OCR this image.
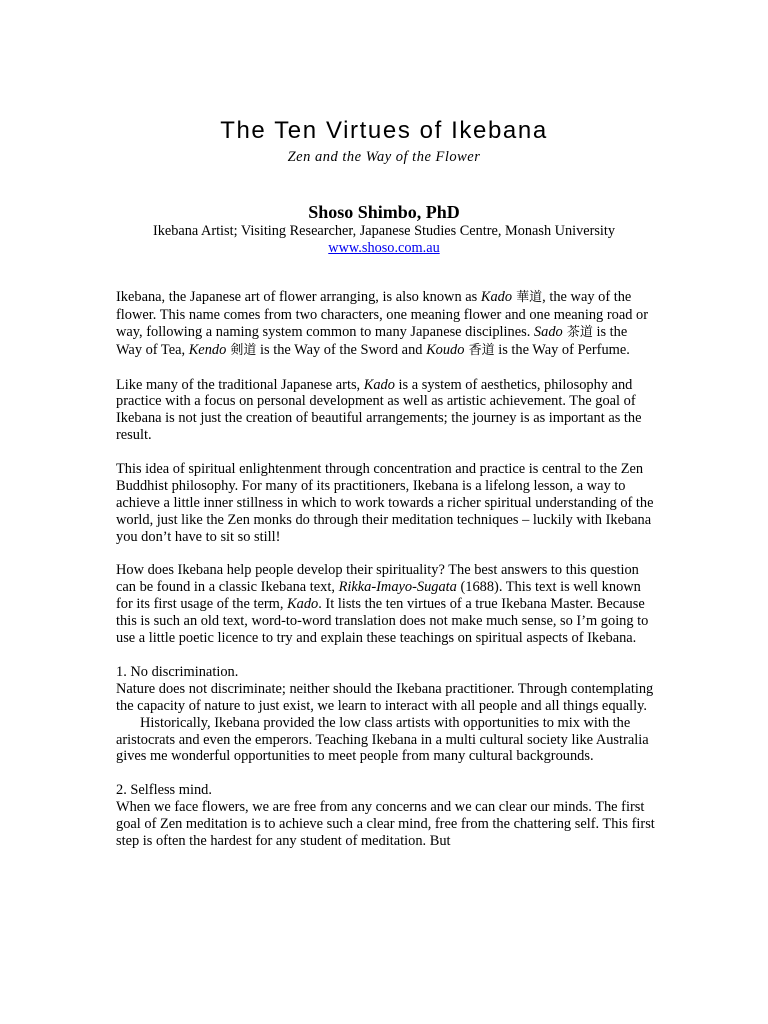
The Ten Virtues of Ikebana
Zen and the Way of the Flower
Shoso Shimbo, PhD
Ikebana Artist; Visiting Researcher, Japanese Studies Centre, Monash University
www.shoso.com.au

Ikebana, the Japanese art of flower arranging, is also known as Kado 華道, the way of the flower. This name comes from two characters, one meaning flower and one meaning road or way, following a naming system common to many Japanese disciplines. Sado 茶道 is the Way of Tea, Kendo 剣道 is the Way of the Sword and Koudo 香道 is the Way of Perfume.

Like many of the traditional Japanese arts, Kado is a system of aesthetics, philosophy and practice with a focus on personal development as well as artistic achievement. The goal of Ikebana is not just the creation of beautiful arrangements; the journey is as important as the result.

This idea of spiritual enlightenment through concentration and practice is central to the Zen Buddhist philosophy. For many of its practitioners, Ikebana is a lifelong lesson, a way to achieve a little inner stillness in which to work towards a richer spiritual understanding of the world, just like the Zen monks do through their meditation techniques – luckily with Ikebana you don’t have to sit so still!

How does Ikebana help people develop their spirituality? The best answers to this question can be found in a classic Ikebana text, Rikka-Imayo-Sugata (1688). This text is well known for its first usage of the term, Kado. It lists the ten virtues of a true Ikebana Master. Because this is such an old text, word-to-word translation does not make much sense, so I’m going to use a little poetic licence to try and explain these teachings on spiritual aspects of Ikebana.

1. No discrimination.

Nature does not discriminate; neither should the Ikebana practitioner. Through contemplating the capacity of nature to just exist, we learn to interact with all people and all things equally.

Historically, Ikebana provided the low class artists with opportunities to mix with the aristocrats and even the emperors. Teaching Ikebana in a multi cultural society like Australia gives me wonderful opportunities to meet people from many cultural backgrounds.

2. Selfless mind.

When we face flowers, we are free from any concerns and we can clear our minds. The first goal of Zen meditation is to achieve such a clear mind, free from the chattering self. This first step is often the hardest for any student of meditation. But
